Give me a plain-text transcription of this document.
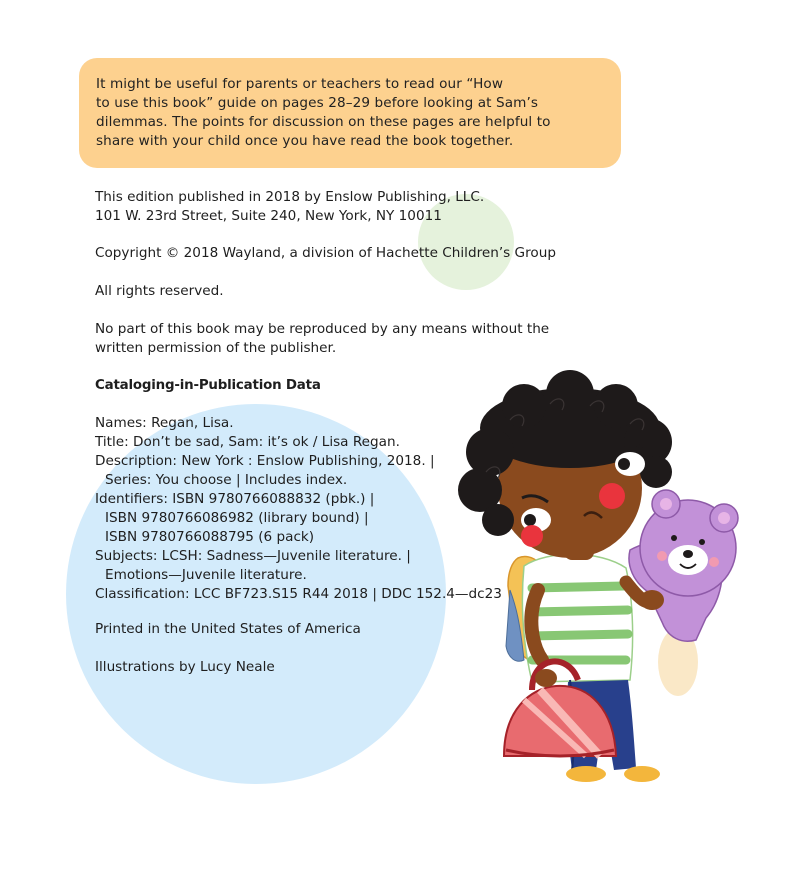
It might be useful for parents or teachers to read our “How
to use this book” guide on pages 28–29 before looking at Sam’s
dilemmas. The points for discussion on these pages are helpful to
share with your child once you have read the book together.

This edition published in 2018 by Enslow Publishing, LLC.
101 W. 23rd Street, Suite 240, New York, NY 10011

Copyright © 2018 Wayland, a division of Hachette Children’s Group

All rights reserved.

No part of this book may be reproduced by any means without the
written permission of the publisher.

Cataloging-in-Publication Data

Names: Regan, Lisa.
Title: Don’t be sad, Sam: it’s ok / Lisa Regan.
Description: New York : Enslow Publishing, 2018. |
Series: You choose | Includes index.
Identifiers: ISBN 9780766088832 (pbk.) |
ISBN 9780766086982 (library bound) |
ISBN 9780766088795 (6 pack)
Subjects: LCSH: Sadness—Juvenile literature. |
Emotions—Juvenile literature.
Classification: LCC BF723.S15 R44 2018 | DDC 152.4—dc23

Printed in the United States of America

Illustrations by Lucy Neale
